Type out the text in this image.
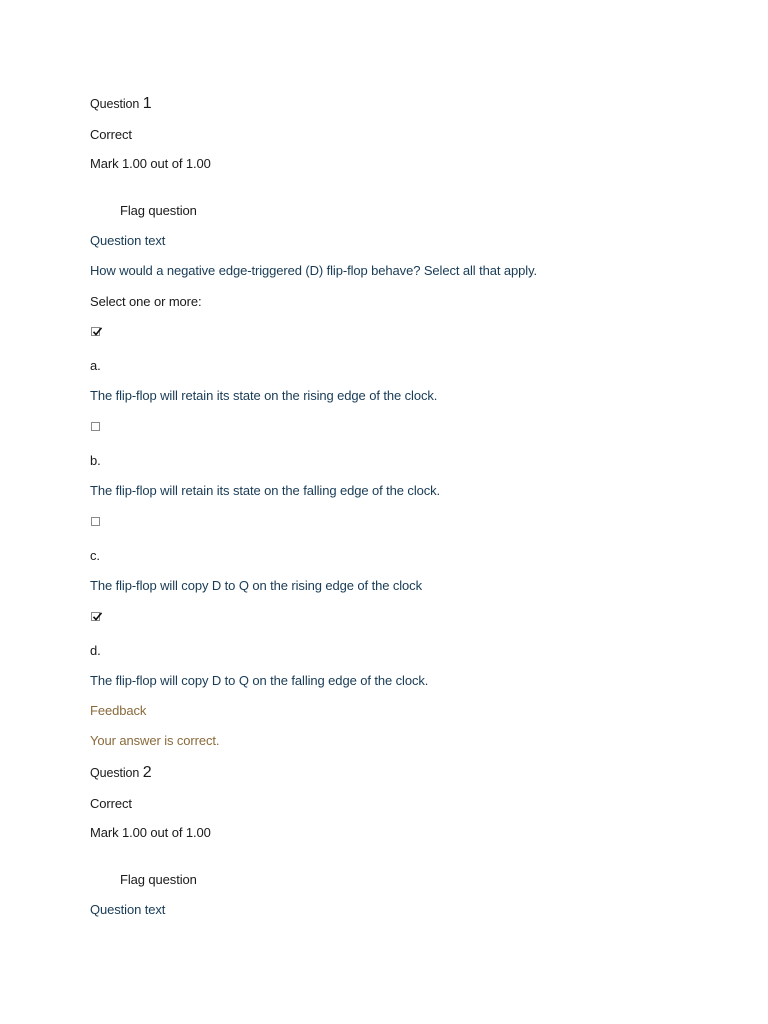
Question 1
Correct
Mark 1.00 out of 1.00
Flag question
Question text
How would a negative edge-triggered (D) flip-flop behave? Select all that apply.
Select one or more:
a.
The flip-flop will retain its state on the rising edge of the clock.
b.
The flip-flop will retain its state on the falling edge of the clock.
c.
The flip-flop will copy D to Q on the rising edge of the clock
d.
The flip-flop will copy D to Q on the falling edge of the clock.
Feedback
Your answer is correct.
Question 2
Correct
Mark 1.00 out of 1.00
Flag question
Question text
